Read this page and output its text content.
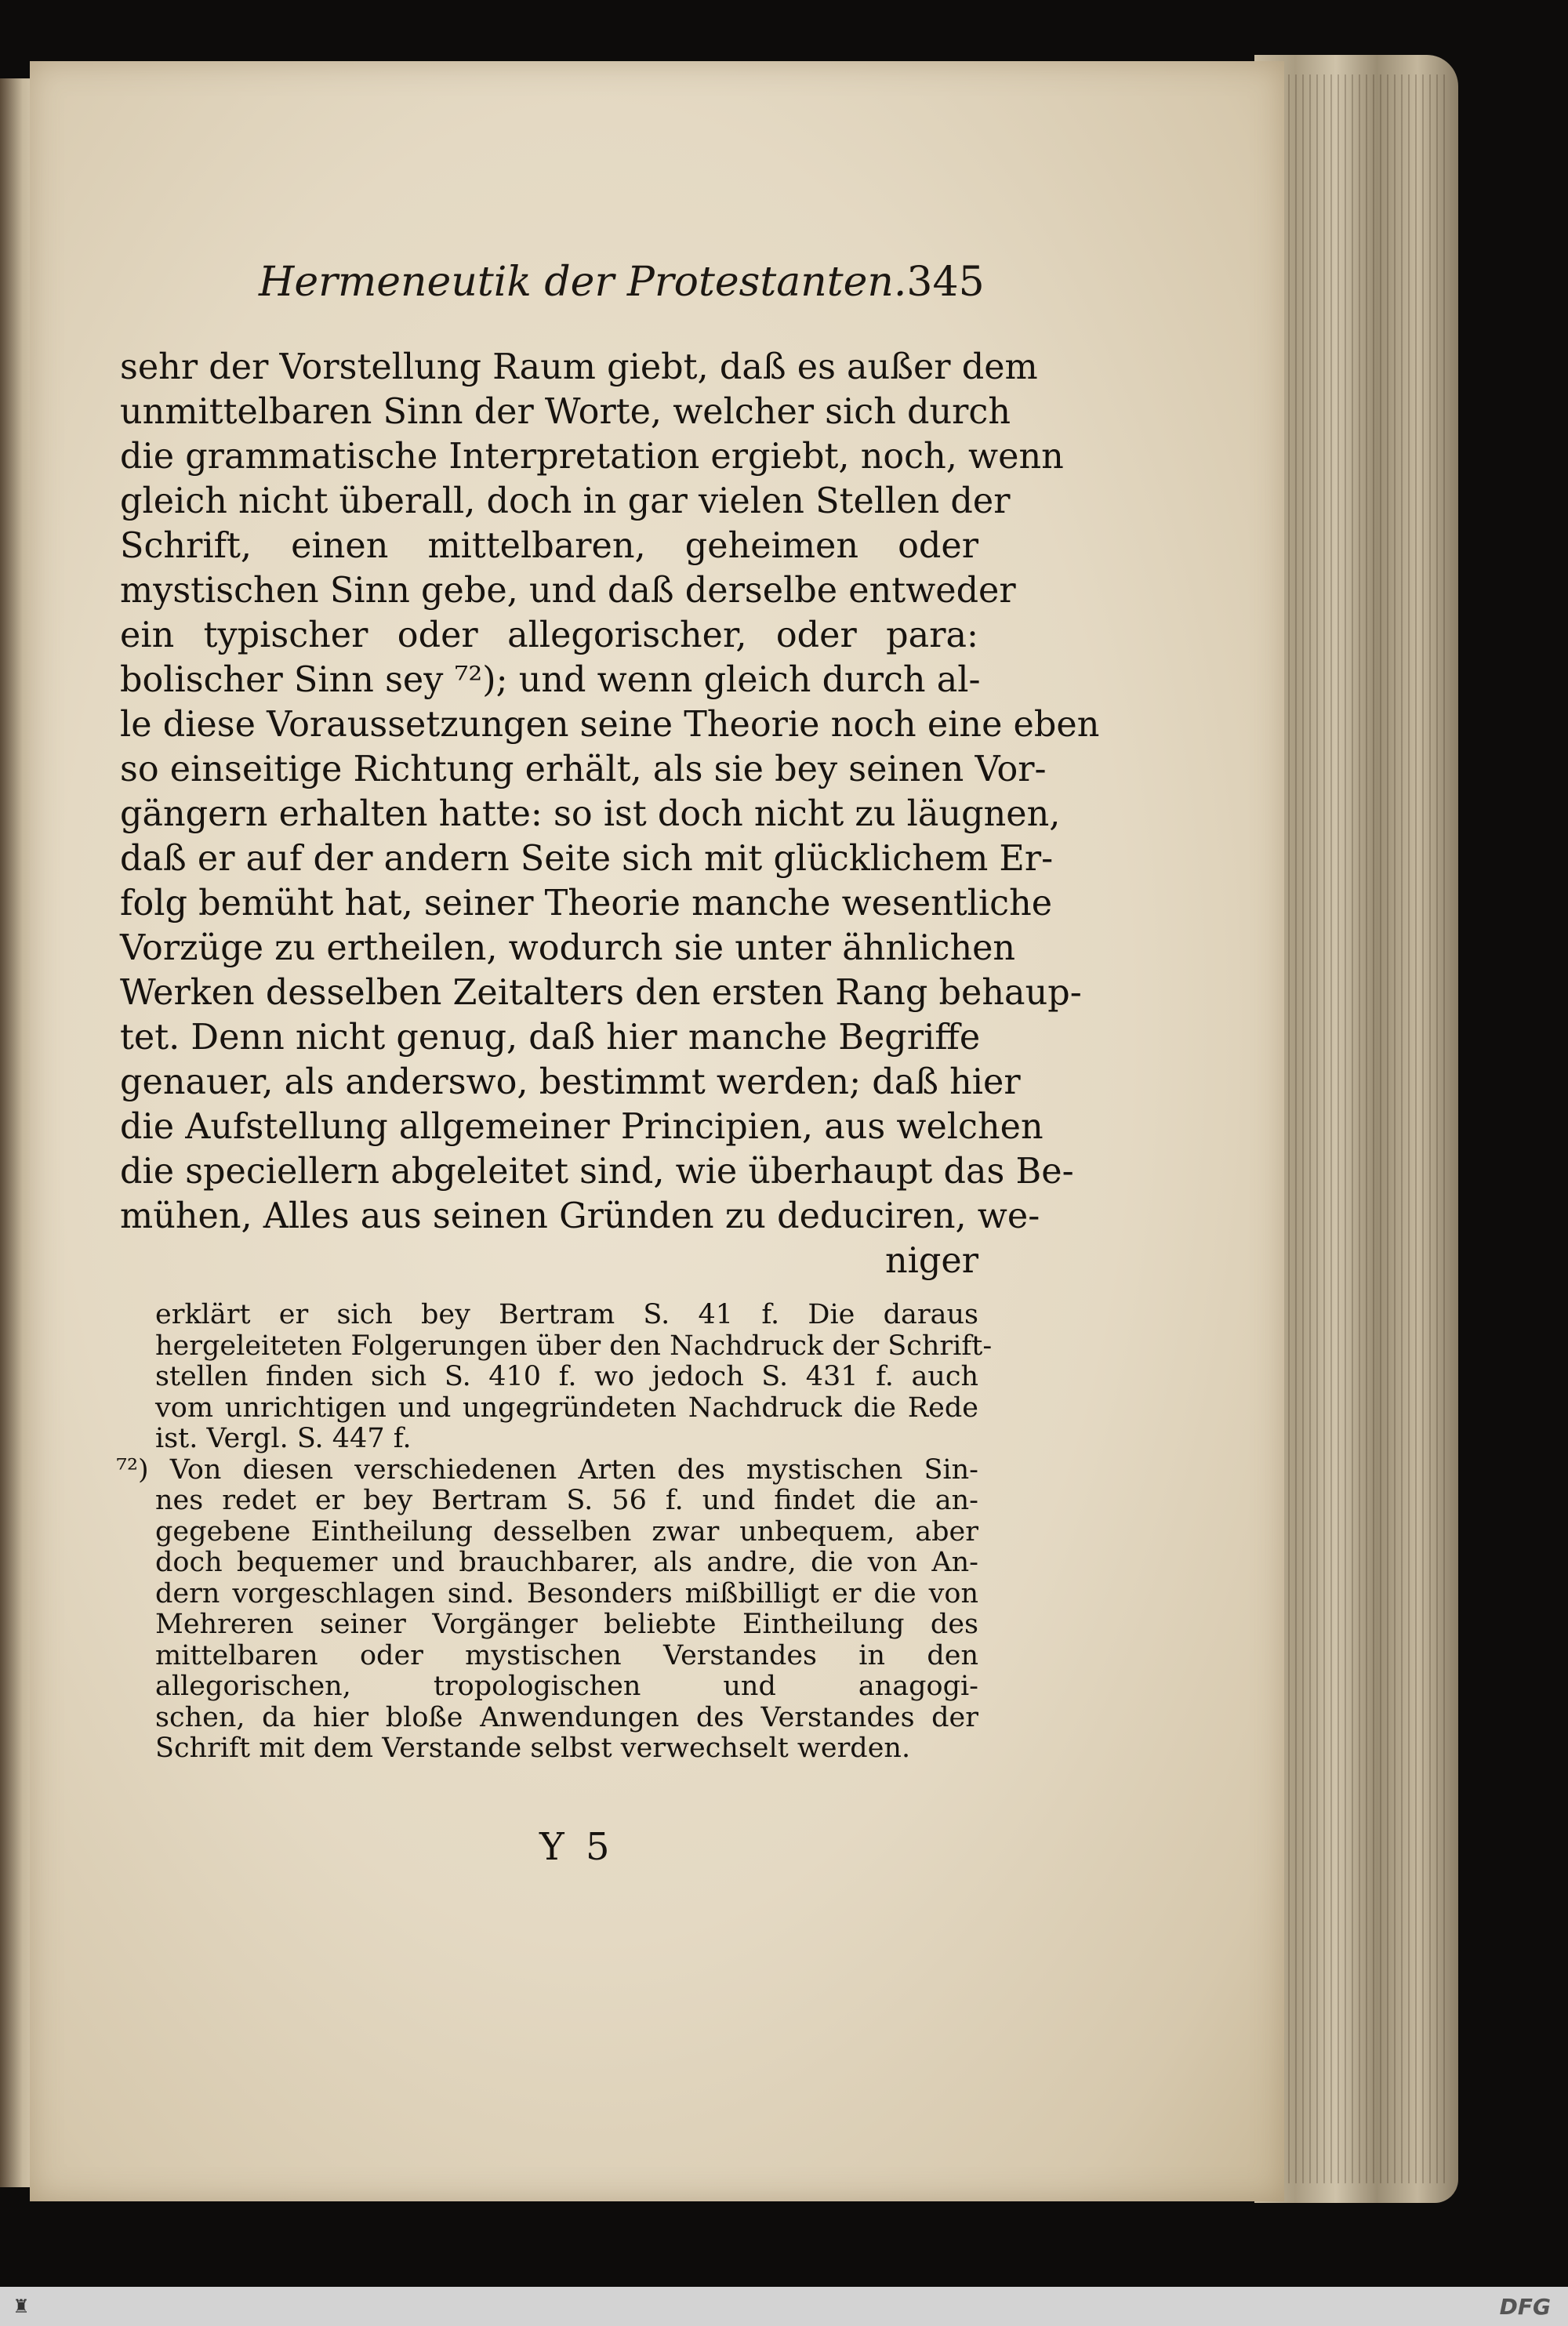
Hermeneutik der Protestanten. 345
sehr der Vorstellung Raum giebt, daß es außer dem
unmittelbaren Sinn der Worte, welcher sich durch
die grammatische Interpretation ergiebt, noch, wenn
gleich nicht überall, doch in gar vielen Stellen der
Schrift, einen mittelbaren, geheimen oder
mystischen Sinn gebe, und daß derselbe entweder
ein typischer oder allegorischer, oder para:
bolischer Sinn sey ⁷²); und wenn gleich durch al-
le diese Voraussetzungen seine Theorie noch eine eben
so einseitige Richtung erhält, als sie bey seinen Vor-
gängern erhalten hatte: so ist doch nicht zu läugnen,
daß er auf der andern Seite sich mit glücklichem Er-
folg bemüht hat, seiner Theorie manche wesentliche
Vorzüge zu ertheilen, wodurch sie unter ähnlichen
Werken desselben Zeitalters den ersten Rang behaup-
tet. Denn nicht genug, daß hier manche Begriffe
genauer, als anderswo, bestimmt werden; daß hier
die Aufstellung allgemeiner Principien, aus welchen
die speciellern abgeleitet sind, wie überhaupt das Be-
mühen, Alles aus seinen Gründen zu deduciren, we-
niger
erklärt er sich bey Bertram S. 41 f. Die daraus
hergeleiteten Folgerungen über den Nachdruck der Schrift-
stellen finden sich S. 410 f. wo jedoch S. 431 f. auch
vom unrichtigen und ungegründeten Nachdruck die Rede
ist. Vergl. S. 447 f.
⁷²) Von diesen verschiedenen Arten des mystischen Sin-
nes redet er bey Bertram S. 56 f. und findet die an-
gegebene Eintheilung desselben zwar unbequem, aber
doch bequemer und brauchbarer, als andre, die von An-
dern vorgeschlagen sind. Besonders mißbilligt er die von
Mehreren seiner Vorgänger beliebte Eintheilung des
mittelbaren oder mystischen Verstandes in den
allegorischen, tropologischen und anagogi-
schen, da hier bloße Anwendungen des Verstandes der
Schrift mit dem Verstande selbst verwechselt werden.
Y 5
♜	DFG
